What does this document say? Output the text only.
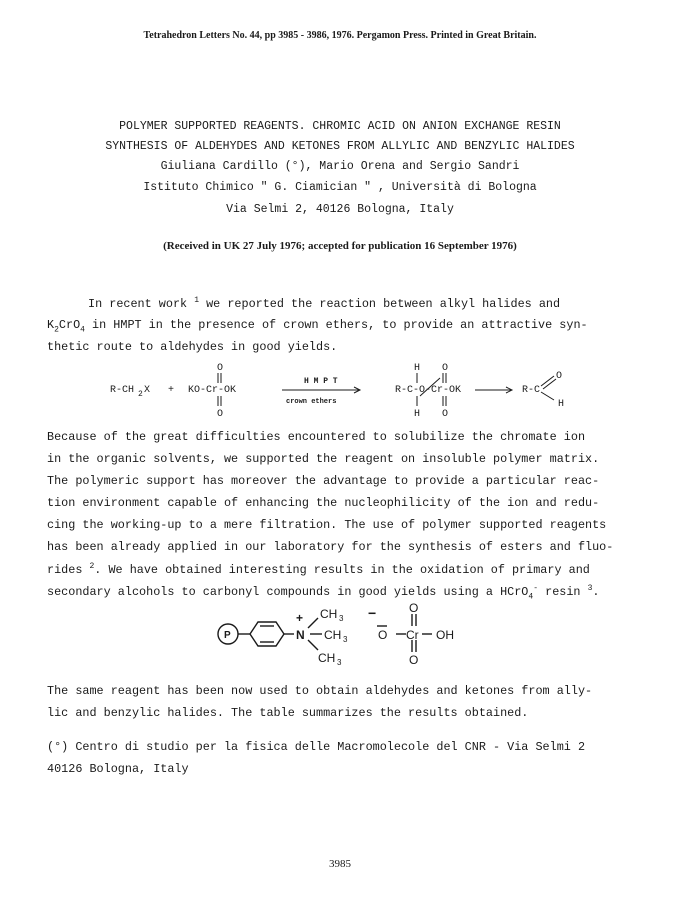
Tetrahedron Letters No. 44, pp 3985 - 3986, 1976. Pergamon Press. Printed in Great Britain.
POLYMER SUPPORTED REAGENTS. CHROMIC ACID ON ANION EXCHANGE RESIN
SYNTHESIS OF ALDEHYDES AND KETONES FROM ALLYLIC AND BENZYLIC HALIDES
Giuliana Cardillo (°), Mario Orena and Sergio Sandri
Istituto Chimico " G. Ciamician " , Università di Bologna
Via Selmi 2, 40126 Bologna, Italy
(Received in UK 27 July 1976; accepted for publication 16 September 1976)
In recent work $^1$ we reported the reaction between alkyl halides and
$K_2CrO_4$ in HMPT in the presence of crown ethers, to provide an attractive syn-
thetic route to aldehydes in good yields.
R-CH 2 X + KO-Cr-OK
O
O
H M P T
crown ethers
R-C-O-Cr-OK
H
H
O
O
R-C
O
H
Because of the great difficulties encountered to solubilize the chromate ion
in the organic solvents, we supported the reagent on insoluble polymer matrix.
The polymeric support has moreover the advantage to provide a particular reac-
tion environment capable of enhancing the nucleophilicity of the ion and redu-
cing the working-up to a mere filtration. The use of polymer supported reagents
has been already applied in our laboratory for the synthesis of esters and fluo-
rides $^2$. We have obtained interesting results in the oxidation of primary and
secondary alcohols to carbonyl compounds in good yields using a HCrO$_4$- resin $^3$.
P	N
+ CH 3
CH 3
CH 3
−
O Cr OH
O
O
The same reagent has been now used to obtain aldehydes and ketones from ally-
lic and benzylic halides. The table summarizes the results obtained.
(°) Centro di studio per la fisica delle Macromolecole del CNR - Via Selmi 2
40126 Bologna, Italy
3985
